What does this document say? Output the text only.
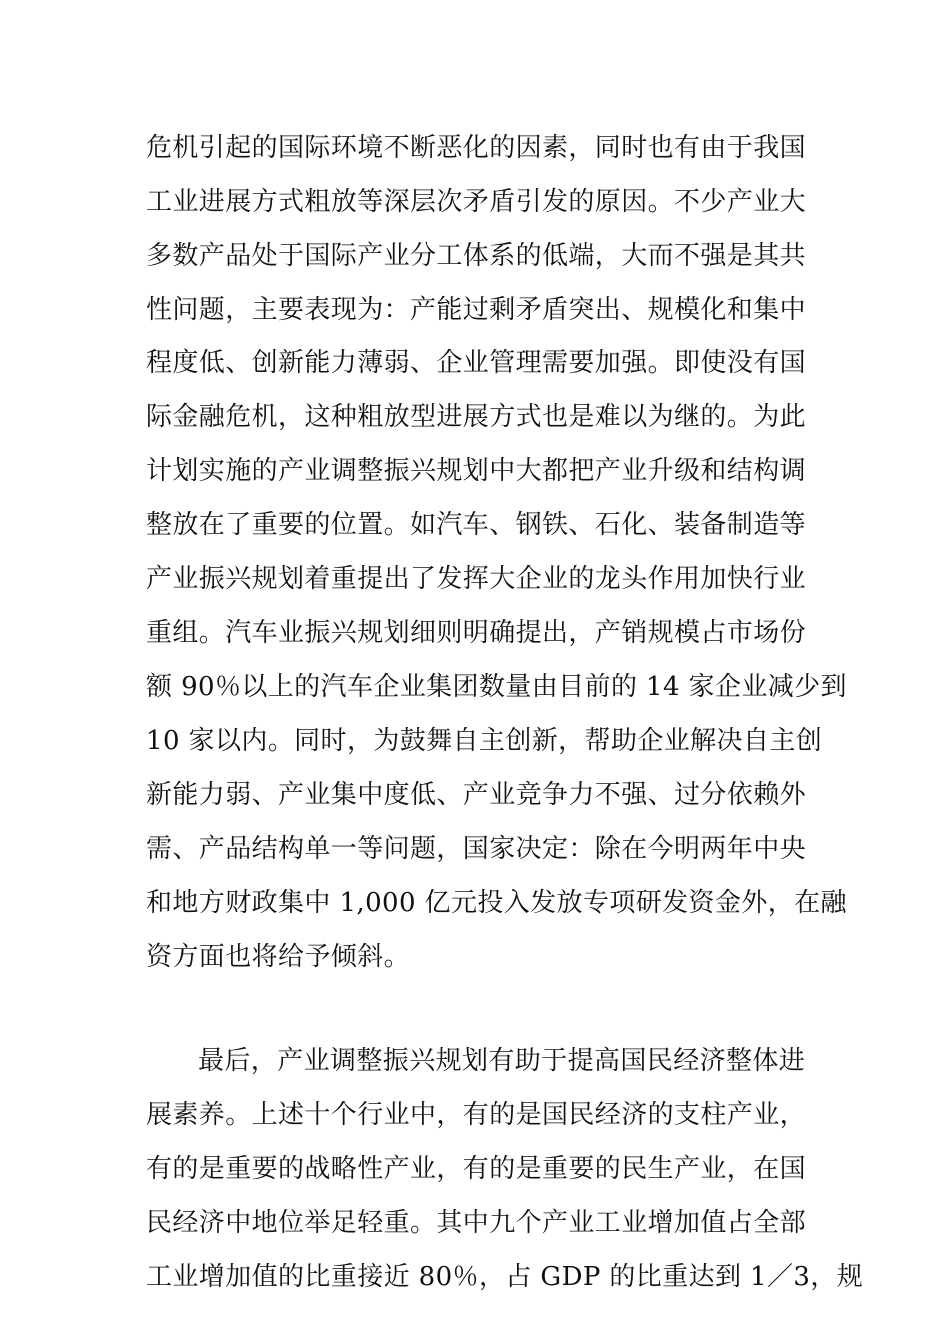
危机引起的国际环境不断恶化的因素，同时也有由于我国
工业进展方式粗放等深层次矛盾引发的原因。不少产业大
多数产品处于国际产业分工体系的低端，大而不强是其共
性问题，主要表现为：产能过剩矛盾突出、规模化和集中
程度低、创新能力薄弱、企业管理需要加强。即使没有国
际金融危机，这种粗放型进展方式也是难以为继的。为此
计划实施的产业调整振兴规划中大都把产业升级和结构调
整放在了重要的位置。如汽车、钢铁、石化、装备制造等
产业振兴规划着重提出了发挥大企业的龙头作用加快行业
重组。汽车业振兴规划细则明确提出，产销规模占市场份
额 90％以上的汽车企业集团数量由目前的 14 家企业减少到
10 家以内。同时，为鼓舞自主创新，帮助企业解决自主创
新能力弱、产业集中度低、产业竞争力不强、过分依赖外
需、产品结构单一等问题，国家决定：除在今明两年中央
和地方财政集中 1,000 亿元投入发放专项研发资金外，在融
资方面也将给予倾斜。
最后，产业调整振兴规划有助于提高国民经济整体进
展素养。上述十个行业中，有的是国民经济的支柱产业，
有的是重要的战略性产业，有的是重要的民生产业，在国
民经济中地位举足轻重。其中九个产业工业增加值占全部
工业增加值的比重接近 80％，占 GDP 的比重达到 1／3，规
